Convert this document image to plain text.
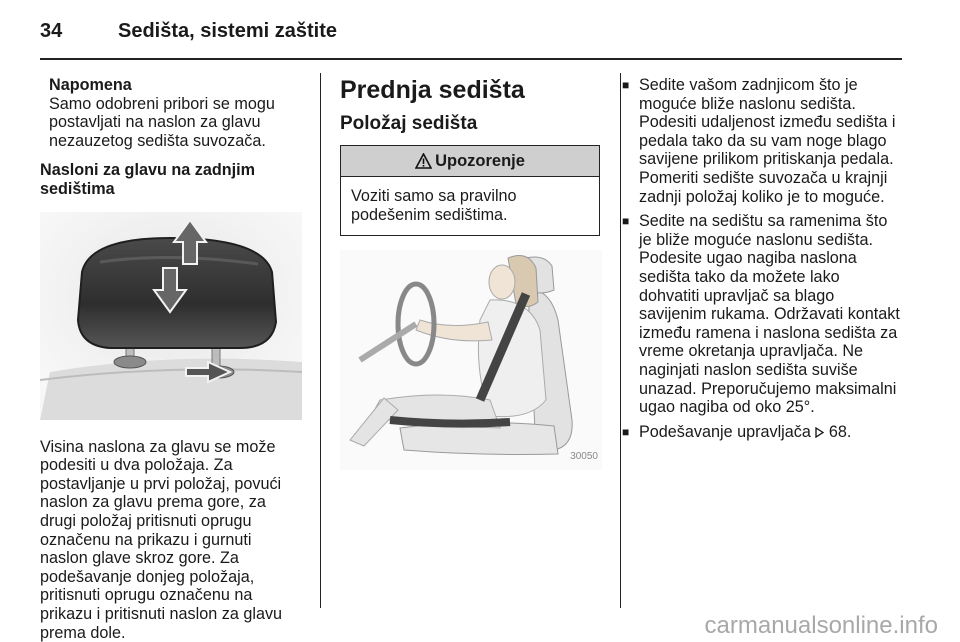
34	Sedišta, sistemi zaštite
Napomena
Samo odobreni pribori se mogu postavljati na naslon za glavu nezauzetog sedišta suvozača.
Nasloni za glavu na zadnjim sedištima
Visina naslona za glavu se može podesiti u dva položaja. Za postavljanje u prvi položaj, povući naslon za glavu prema gore, za drugi položaj pritisnuti oprugu označenu na prikazu i gurnuti naslon glave skroz gore. Za podešavanje donjeg položaja, pritisnuti oprugu označenu na prikazu i pritisnuti naslon za glavu prema dole.
Prednja sedišta
Položaj sedišta
Upozorenje
Voziti samo sa pravilno podešenim sedištima.
30050
■ Sedite vašom zadnjicom što je moguće bliže naslonu sedišta. Podesiti udaljenost između sedišta i pedala tako da su vam noge blago savijene prilikom pritiskanja pedala. Pomeriti sedište suvozača u krajnji zadnji položaj koliko je to moguće.
■ Sedite na sedištu sa ramenima što je bliže moguće naslonu sedišta. Podesite ugao nagiba naslona sedišta tako da možete lako dohvatiti upravljač sa blago savijenim rukama. Održavati kontakt između ramena i naslona sedišta za vreme okretanja upravljača. Ne naginjati naslon sedišta suviše unazad. Preporučujemo maksimalni ugao nagiba od oko 25°.
■ Podešavanje upravljača 68.
carmanualsonline.info
